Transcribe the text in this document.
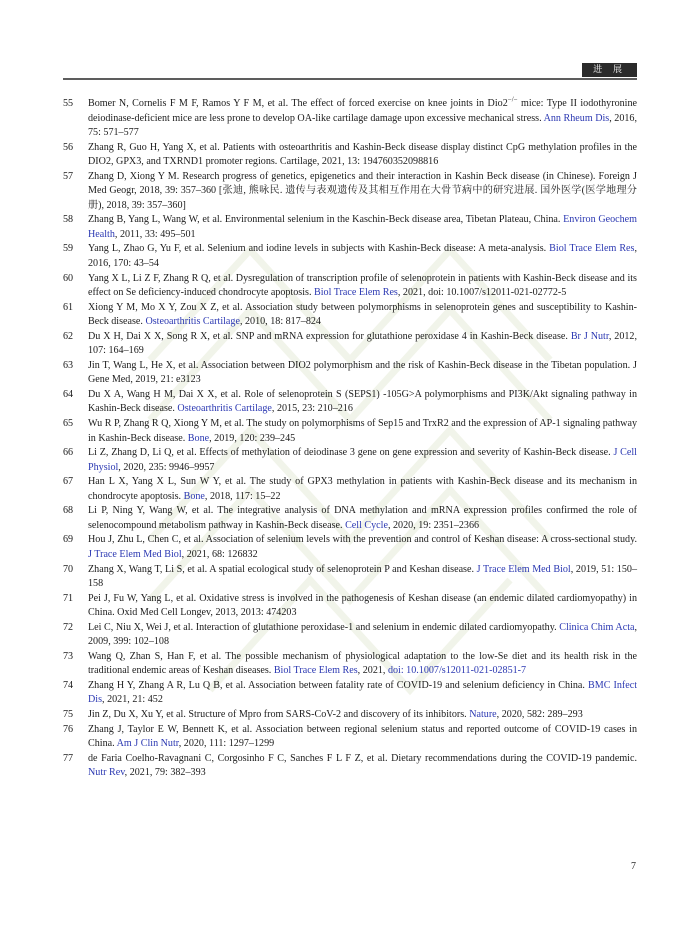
进 展
55	Bomer N, Cornelis F M F, Ramos Y F M, et al. The effect of forced exercise on knee joints in Dio2−/− mice: Type II iodothyronine deiodinase-deficient mice are less prone to develop OA-like cartilage damage upon excessive mechanical stress. Ann Rheum Dis, 2016, 75: 571–577
56	Zhang R, Guo H, Yang X, et al. Patients with osteoarthritis and Kashin-Beck disease display distinct CpG methylation profiles in the DIO2, GPX3, and TXRND1 promoter regions. Cartilage, 2021, 13: 194760352098816
57	Zhang D, Xiong Y M. Research progress of genetics, epigenetics and their interaction in Kashin Beck disease (in Chinese). Foreign J Med Geogr, 2018, 39: 357–360 [张迪, 熊咏民. 遗传与表观遗传及其相互作用在大骨节病中的研究进展. 国外医学(医学地理分册), 2018, 39: 357–360]
58	Zhang B, Yang L, Wang W, et al. Environmental selenium in the Kaschin-Beck disease area, Tibetan Plateau, China. Environ Geochem Health, 2011, 33: 495–501
59	Yang L, Zhao G, Yu F, et al. Selenium and iodine levels in subjects with Kashin-Beck disease: A meta-analysis. Biol Trace Elem Res, 2016, 170: 43–54
60	Yang X L, Li Z F, Zhang R Q, et al. Dysregulation of transcription profile of selenoprotein in patients with Kashin-Beck disease and its effect on Se deficiency-induced chondrocyte apoptosis. Biol Trace Elem Res, 2021, doi: 10.1007/s12011-021-02772-5
61	Xiong Y M, Mo X Y, Zou X Z, et al. Association study between polymorphisms in selenoprotein genes and susceptibility to Kashin-Beck disease. Osteoarthritis Cartilage, 2010, 18: 817–824
62	Du X H, Dai X X, Song R X, et al. SNP and mRNA expression for glutathione peroxidase 4 in Kashin-Beck disease. Br J Nutr, 2012, 107: 164–169
63	Jin T, Wang L, He X, et al. Association between DIO2 polymorphism and the risk of Kashin-Beck disease in the Tibetan population. J Gene Med, 2019, 21: e3123
64	Du X A, Wang H M, Dai X X, et al. Role of selenoprotein S (SEPS1) -105G>A polymorphisms and PI3K/Akt signaling pathway in Kashin-Beck disease. Osteoarthritis Cartilage, 2015, 23: 210–216
65	Wu R P, Zhang R Q, Xiong Y M, et al. The study on polymorphisms of Sep15 and TrxR2 and the expression of AP-1 signaling pathway in Kashin-Beck disease. Bone, 2019, 120: 239–245
66	Li Z, Zhang D, Li Q, et al. Effects of methylation of deiodinase 3 gene on gene expression and severity of Kashin-Beck disease. J Cell Physiol, 2020, 235: 9946–9957
67	Han L X, Yang X L, Sun W Y, et al. The study of GPX3 methylation in patients with Kashin-Beck disease and its mechanism in chondrocyte apoptosis. Bone, 2018, 117: 15–22
68	Li P, Ning Y, Wang W, et al. The integrative analysis of DNA methylation and mRNA expression profiles confirmed the role of selenocompound metabolism pathway in Kashin-Beck disease. Cell Cycle, 2020, 19: 2351–2366
69	Hou J, Zhu L, Chen C, et al. Association of selenium levels with the prevention and control of Keshan disease: A cross-sectional study. J Trace Elem Med Biol, 2021, 68: 126832
70	Zhang X, Wang T, Li S, et al. A spatial ecological study of selenoprotein P and Keshan disease. J Trace Elem Med Biol, 2019, 51: 150–158
71	Pei J, Fu W, Yang L, et al. Oxidative stress is involved in the pathogenesis of Keshan disease (an endemic dilated cardiomyopathy) in China. Oxid Med Cell Longev, 2013, 2013: 474203
72	Lei C, Niu X, Wei J, et al. Interaction of glutathione peroxidase-1 and selenium in endemic dilated cardiomyopathy. Clinica Chim Acta, 2009, 399: 102–108
73	Wang Q, Zhan S, Han F, et al. The possible mechanism of physiological adaptation to the low-Se diet and its health risk in the traditional endemic areas of Keshan diseases. Biol Trace Elem Res, 2021, doi: 10.1007/s12011-021-02851-7
74	Zhang H Y, Zhang A R, Lu Q B, et al. Association between fatality rate of COVID-19 and selenium deficiency in China. BMC Infect Dis, 2021, 21: 452
75	Jin Z, Du X, Xu Y, et al. Structure of Mpro from SARS-CoV-2 and discovery of its inhibitors. Nature, 2020, 582: 289–293
76	Zhang J, Taylor E W, Bennett K, et al. Association between regional selenium status and reported outcome of COVID-19 cases in China. Am J Clin Nutr, 2020, 111: 1297–1299
77	de Faria Coelho-Ravagnani C, Corgosinho F C, Sanches F L F Z, et al. Dietary recommendations during the COVID-19 pandemic. Nutr Rev, 2021, 79: 382–393
7
